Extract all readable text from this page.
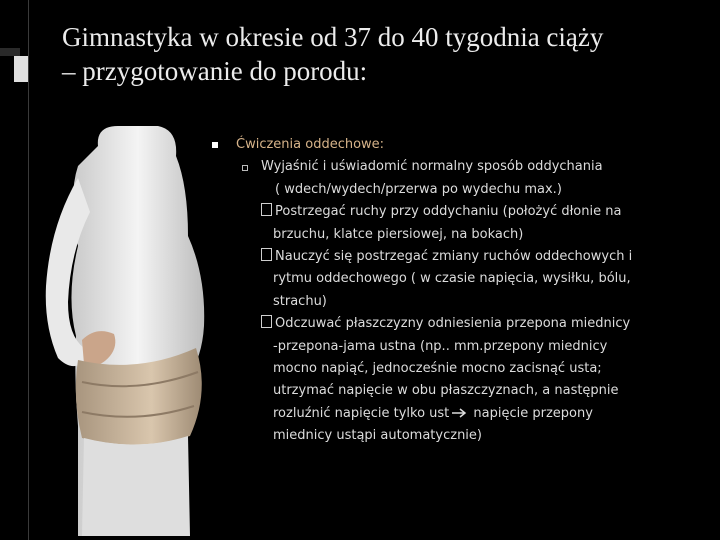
Gimnastyka w okresie od 37 do 40 tygodnia ciąży
– przygotowanie do porodu:
Ćwiczenia oddechowe:
Wyjaśnić i uświadomić normalny sposób oddychania
( wdech/wydech/przerwa po wydechu max.)
Postrzegać ruchy przy oddychaniu (położyć dłonie na
brzuchu, klatce piersiowej, na bokach)
Nauczyć się postrzegać zmiany ruchów oddechowych i
rytmu oddechowego ( w czasie napięcia, wysiłku, bólu,
strachu)
Odczuwać płaszczyzny odniesienia przepona miednicy
-przepona-jama ustna (np.. mm.przepony miednicy
mocno napiąć, jednocześnie mocno zacisnąć usta;
utrzymać napięcie w obu płaszczyznach, a następnie
rozluźnić napięcie tylko ust napięcie przepony
miednicy ustąpi automatycznie)
